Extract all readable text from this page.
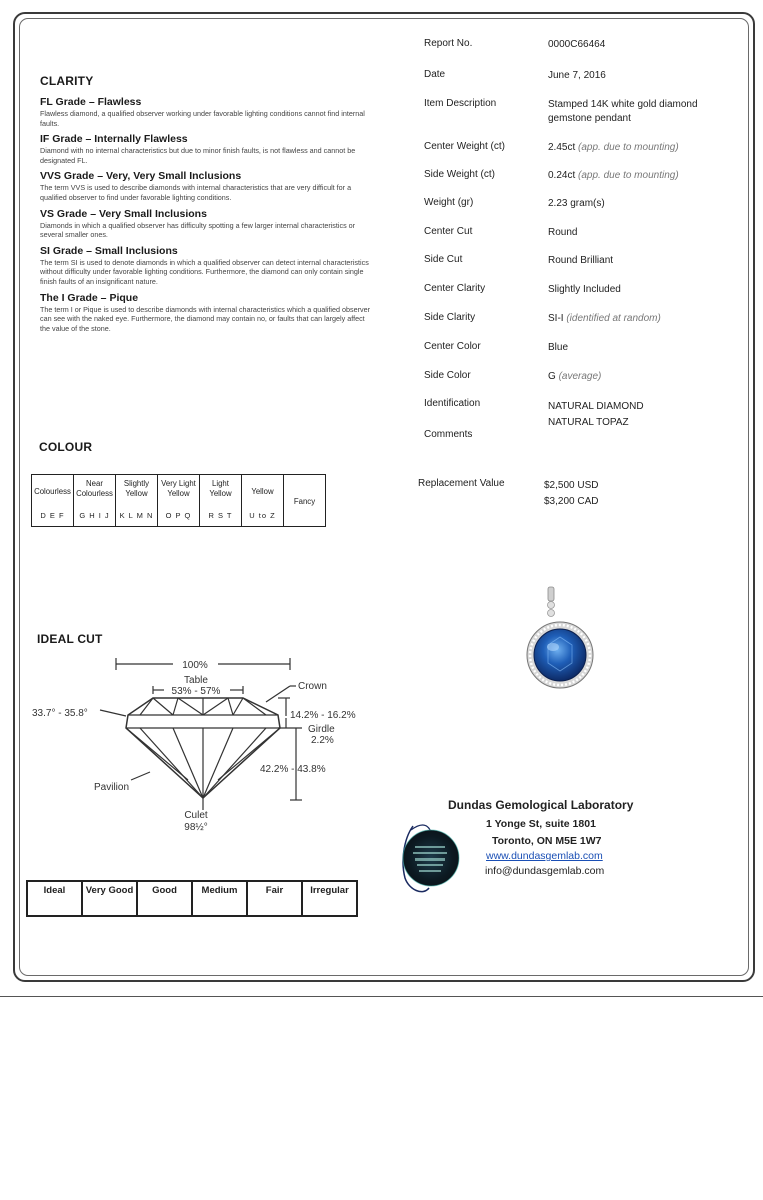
CLARITY
FL Grade – Flawless
Flawless diamond, a qualified observer working under favorable lighting conditions cannot find internal faults.
IF Grade – Internally Flawless
Diamond with no internal characteristics but due to minor finish faults, is not flawless and cannot be designated FL.
VVS Grade – Very, Very Small Inclusions
The term VVS is used to describe diamonds with internal characteristics that are very difficult for a qualified observer to find under favorable lighting conditions.
VS Grade – Very Small Inclusions
Diamonds in which a qualified observer has difficulty spotting a few larger internal characteristics or several smaller ones.
SI Grade – Small Inclusions
The term SI is used to denote diamonds in which a qualified observer can detect internal characteristics without difficulty under favorable lighting conditions. Furthermore, the diamond can only contain single finish faults of an insignificant nature.
The I Grade – Pique
The term I or Pique is used to describe diamonds with internal characteristics which a qualified observer can see with the naked eye. Furthermore, the diamond may contain no, or faults that can largely affect the value of the stone.
COLOUR
Colourless
D E F

Near Colourless
G H I J

Slightly Yellow
K L M N

Very Light Yellow
O P Q

Light Yellow
R S T

Yellow
U to Z

Fancy
IDEAL CUT
100%
Table
53% - 57%	Crown
33.7° - 35.8°	14.2% - 16.2%
Girdle
2.2%
42.2% - 43.8%
Pavilion
Culet
98½°
Ideal	Very Good	Good	Medium	Fair	Irregular
Report No.	0000C66464
Date	June 7, 2016
Item Description	Stamped 14K white gold diamond gemstone pendant
Center Weight (ct)	2.45ct (app. due to mounting)
Side Weight (ct)	0.24ct (app. due to mounting)
Weight (gr)	2.23 gram(s)
Center Cut	Round
Side Cut	Round Brilliant
Center Clarity	Slightly Included
Side Clarity	SI-I (identified at random)
Center Color	Blue
Side Color	G (average)
Identification	NATURAL DIAMOND
NATURAL TOPAZ
Comments
Replacement Value	$2,500 USD
$3,200 CAD
Dundas Gemological Laboratory
1 Yonge St, suite 1801
Toronto, ON M5E 1W7
www.dundasgemlab.com
info@dundasgemlab.com
